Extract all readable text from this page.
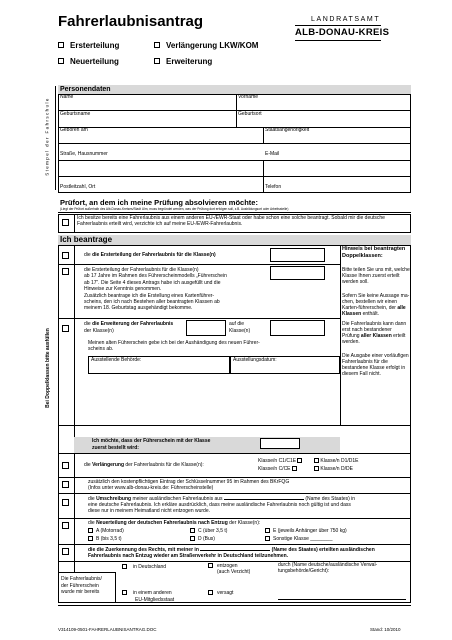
Fahrerlaubnisantrag	LANDRATSAMT
ALB-DONAU-KREIS
Ersterteilung	Verlängerung LKW/KOM
Neuerteilung	Erweiterung
Stempel der Fahrschule
Personendaten
Name	Vorname
Geburtsname	Geburtsort
Geboren am	Staatsangehörigkeit
Straße, Hausnummer	E-Mail
Postleitzahl, Ort	Telefon
Prüfort, an dem ich meine Prüfung absolvieren möchte:
(Liegt der Prüfort außerhalb des Alb-Donau-Kreises/Stadt Ulm, muss begründet werden, was der Prüfung dort erfolgen soll, z.B. Ausbildungsort oder Arbeitsstelle)
Ich besitze bereits eine Fahrerlaubnis aus einem anderen EU-/EWR-Staat oder habe schon eine solche beantragt. Sobald mir die deutsche Fahrerlaubnis erteilt wird, verzichte ich auf meine EU-/EWR-Fahrerlaubnis.
Ich beantrage
Bei Doppelklassen bitte ausfüllen
Hinweis bei beantragten
Doppelklassen:
Bitte teilen Sie uns mit, welche Klasse Ihnen zuerst erteilt werden soll.
Sofern Sie keine Aussage ma-chen, bestellen wir einen Karten-führerschein, der alle Klassen enthält.
Die Fahrerlaubnis kann dann erst nach bestandener Prüfung aller Klassen erteilt werden.
Die Ausgabe einer vorläufigen Fahrerlaubnis für die bestandene Klasse erfolgt in diesem Fall nicht.
die die Ersterteilung der Fahrerlaubnis für die Klasse(n)
die Ersterteilung der Fahrerlaubnis für die Klasse(n)
ab 17 Jahre im Rahmen des Führerscheinmodells „Führerschein
ab 17“. Die Seite 4 dieses Antrags habe ich ausgefüllt und die
Hinweise zur Kenntnis genommen.
Zusätzlich beantrage ich die Erstellung eines Kartenführer-
scheins, den ich nach Bestehen aller beantragten Klassen ab
meinem 18. Geburtstag ausgehändigt bekomme.
die die Erweiterung der Fahrerlaubnis
der Klasse(n)
auf die
Klasse(n)
Meinen alten Führerschein gebe ich bei der Aushändigung des neuen Führer-
scheins ab.
Ausstellende Behörde:	Ausstellungsdatum:
Ich möchte, dass der Führerschein mit der Klasse
zuerst bestellt wird:
die Verlängerung der Fahrerlaubnis für die Klasse(n):
Klasse/n C1/C1E
Klasse/n C/CE
Klasse/n D1/D1E
Klasse/n D/DE
zusätzlich den kostenpflichtigen Eintrag der Schlüsselnummer 95 im Rahmen des BKrFQG
(Infos unter www.alb-donau-kreis.de: Führerscheinstelle)
die Umschreibung meiner ausländischen Fahrerlaubnis aus	(Name des Staates) in
eine deutsche Fahrerlaubnis. Ich erkläre ausdrücklich, dass meine ausländische Fahrerlaubnis noch gültig ist und dass
diese nur in meinem Heimatland nicht entzogen wurde.
die Neuerteilung der deutschen Fahrerlaubnis nach Entzug der Klasse(n):
A (Motorrad)	C (über 3,5 t)	E (jeweils Anhänger über 750 kg)
B (bis 3,5 t)	D (Bus)	Sonstige Klasse ________
die die Zuerkennung des Rechts, mit meiner in	(Name des Staates) erteilten ausländischen
Fahrerlaubnis nach Entzug wieder am Straßenverkehr in Deutschland teilzunehmen.
Die Fahrerlaubnis/
der Führerschein
wurde mir bereits
in Deutschland
in einem anderen
EU-Mitgliedsstaat
entzogen
(auch Verzicht)
versagt
durch (Name deutsche/ausländische Verwal-
tungsbehörde/Gericht):
V314109-0501-FAHRERLAUBNISANTRAG.DOC	Stand: 10/2010
